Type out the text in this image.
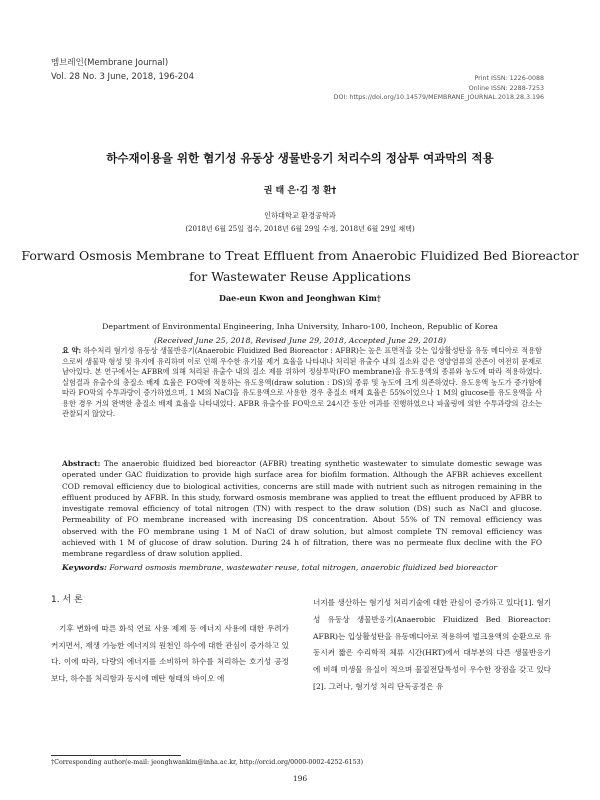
멤브레인(Membrane Journal)
Vol. 28 No. 3 June, 2018, 196-204	Print ISSN: 1226-0088
Online ISSN: 2288-7253
DOI: https://doi.org/10.14579/MEMBRANE_JOURNAL.2018.28.3.196
하수재이용을 위한 혐기성 유동상 생물반응기 처리수의 정삼투 여과막의 적용
권 태 은·김 정 환†
인하대학교 환경공학과
(2018년 6월 25일 접수, 2018년 6월 29일 수정, 2018년 6월 29일 채택)
Forward Osmosis Membrane to Treat Effluent from Anaerobic Fluidized Bed Bioreactor
for Wastewater Reuse Applications
Dae-eun Kwon and Jeonghwan Kim†
Department of Environmental Engineering, Inha University, Inharo-100, Incheon, Republic of Korea
(Received June 25, 2018, Revised June 29, 2018, Accepted June 29, 2018)
요 약: 하수처리 혐기성 유동상 생물반응기(Anaerobic Fluidized Bed Bioreactor : AFBR)는 높은 표면적을 갖는 입상활성탄을 유동 메디아로 적용함으로써 생물막 형성 및 유지에 유리하며 이로 인해 우수한 유기물 제거 효율을 나타내나 처리된 유출수 내의 질소와 같은 영양염류의 잔존이 여전히 문제로 남아있다. 본 연구에서는 AFBR에 의해 처리된 유출수 내의 질소 제를 위하여 정삼투막(FO membrane)을 유도용액의 종류와 농도에 따라 적용하였다. 실험결과 유출수의 총질소 배제 효율은 FO막에 적용하는 유도용액(draw solution : DS)의 종류 및 농도에 크게 의존하였다. 유도용액 농도가 증가함에 따라 FO막의 수투과량이 증가하였으며, 1 M의 NaCl을 유도용액으로 사용한 경우 총질소 배제 효율은 55%이었으나 1 M의 glucose를 유도용액을 사용한 경우 거의 완벽한 총질소 배제 효율을 나타내었다. AFBR 유출수를 FO막으로 24시간 동안 여과를 진행하였으나 파울링에 의한 수투과량의 감소는 관찰되지 않았다.
Abstract: The anaerobic fluidized bed bioreactor (AFBR) treating synthetic wastewater to simulate domestic sewage was operated under GAC fluidization to provide high surface area for biofilm formation. Although the AFBR achieves excellent COD removal efficiency due to biological activities, concerns are still made with nutrient such as nitrogen remaining in the effluent produced by AFBR. In this study, forward osmosis membrane was applied to treat the effluent produced by AFBR to investigate removal efficiency of total nitrogen (TN) with respect to the draw solution (DS) such as NaCl and glucose. Permeability of FO membrane increased with increasing DS concentration. About 55% of TN removal efficiency was observed with the FO membrane using 1 M of NaCl of draw solution, but almost complete TN removal efficiency was achieved with 1 M of glucose of draw solution. During 24 h of filtration, there was no permeate flux decline with the FO membrane regardless of draw solution applied.
Keywords: Forward osmosis membrane, wastewater reuse, total nitrogen, anaerobic fluidized bed bioreactor
1. 서 론

기후 변화에 따른 화석 연료 사용 제제 등 에너지 사용에 대한 우려가 커지면서, 재생 가능한 에너지의 원천인 하수에 대한 관심이 증가하고 있다. 이에 따라, 다량의 에너지를 소비하여 하수를 처리하는 호기성 공정보다, 하수를 처리함과 동시에 메탄 형태의 바이오 에

너지를 생산하는 혐기성 처리기술에 대한 관심이 증가하고 있다[1]. 혐기성 유동상 생물반응기(Anaerobic Fluidized Bed Bioreactor: AFBR)는 입상활성탄을 유동메디아로 적용하여 벌크용액의 순환으로 유동시켜 짧은 수리학적 체류 시간(HRT)에서 대부분의 다른 생물반응기에 비해 미생물 유실이 적으며 물질전달특성이 우수한 장점을 갖고 있다[2]. 그러나, 혐기성 처리 단독공정은 유

†Corresponding author(e-mail: jeonghwankim@inha.ac.kr, http://orcid.org/0000-0002-4252-6153)
196
